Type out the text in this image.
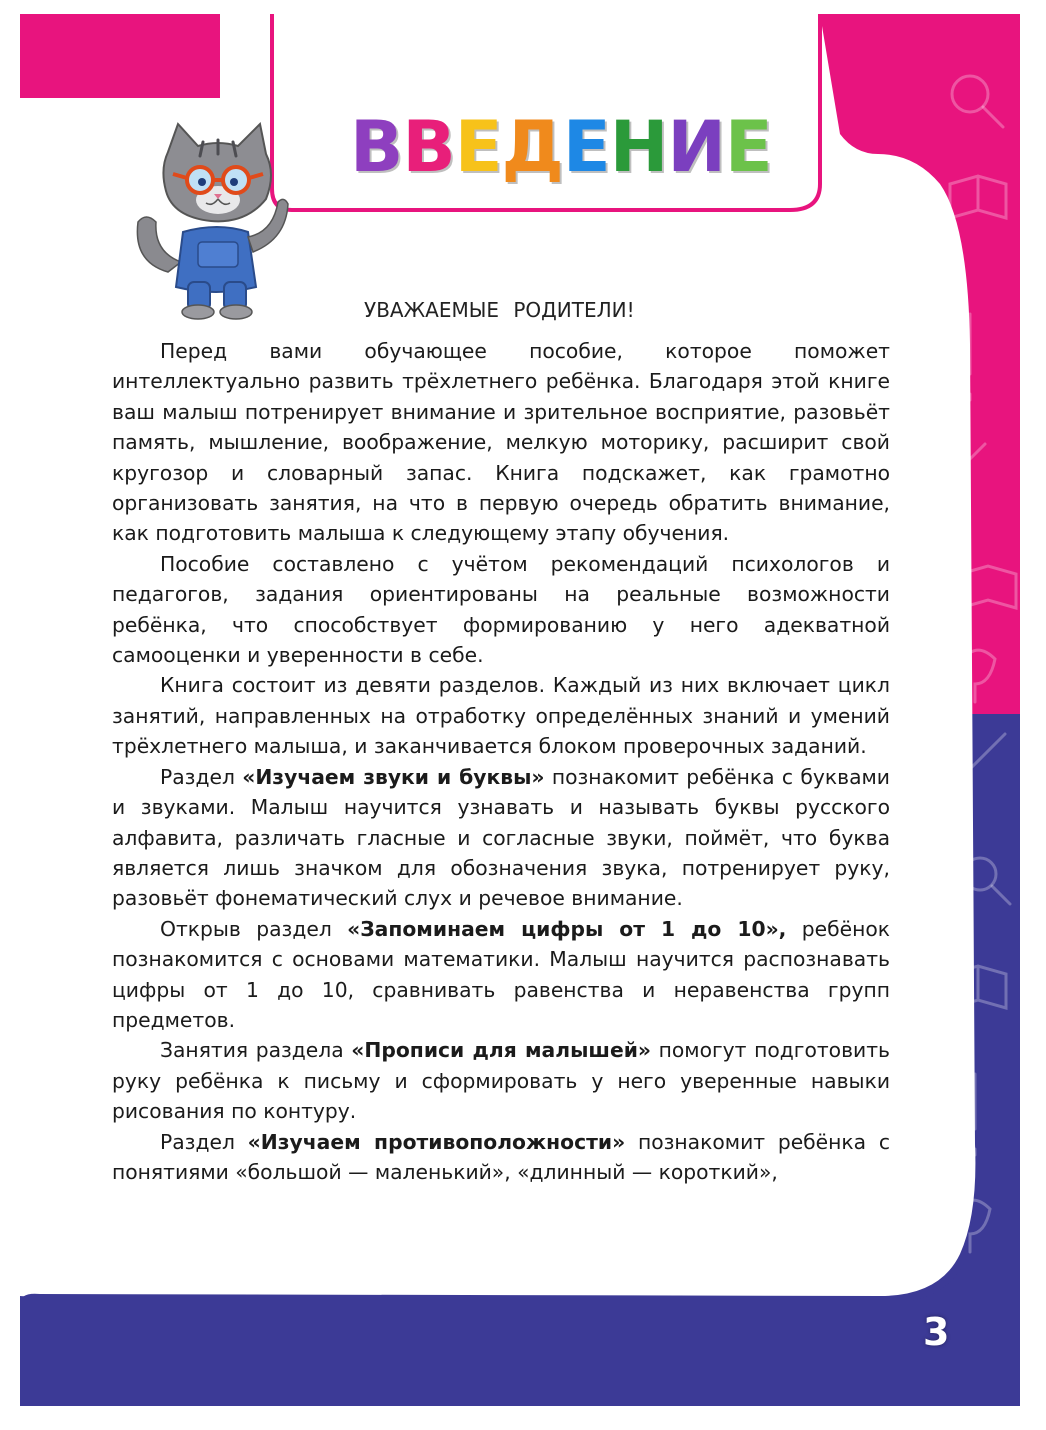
ВВЕДЕНИЕ

УВАЖАЕМЫЕ РОДИТЕЛИ!

Перед вами обучающее пособие, которое поможет интеллектуально развить трёхлетнего ребёнка. Благодаря этой книге ваш малыш потренирует внимание и зрительное восприятие, разовьёт память, мышление, воображение, мелкую моторику, расширит свой кругозор и словарный запас. Книга подскажет, как грамотно организовать занятия, на что в первую очередь обратить внимание, как подготовить малыша к следующему этапу обучения.

Пособие составлено с учётом рекомендаций психологов и педагогов, задания ориентированы на реальные возможности ребёнка, что способствует формированию у него адекватной самооценки и уверенности в себе.

Книга состоит из девяти разделов. Каждый из них включает цикл занятий, направленных на отработку определённых знаний и умений трёхлетнего малыша, и заканчивается блоком проверочных заданий.

Раздел «Изучаем звуки и буквы» познакомит ребёнка с буквами и звуками. Малыш научится узнавать и называть буквы русского алфавита, различать гласные и согласные звуки, поймёт, что буква является лишь значком для обозначения звука, потренирует руку, разовьёт фонематический слух и речевое внимание.

Открыв раздел «Запоминаем цифры от 1 до 10», ребёнок познакомится с основами математики. Малыш научится распознавать цифры от 1 до 10, сравнивать равенства и неравенства групп предметов.

Занятия раздела «Прописи для малышей» помогут подготовить руку ребёнка к письму и сформировать у него уверенные навыки рисования по контуру.

Раздел «Изучаем противоположности» познакомит ребёнка с понятиями «большой — маленький», «длинный — короткий»,

3
